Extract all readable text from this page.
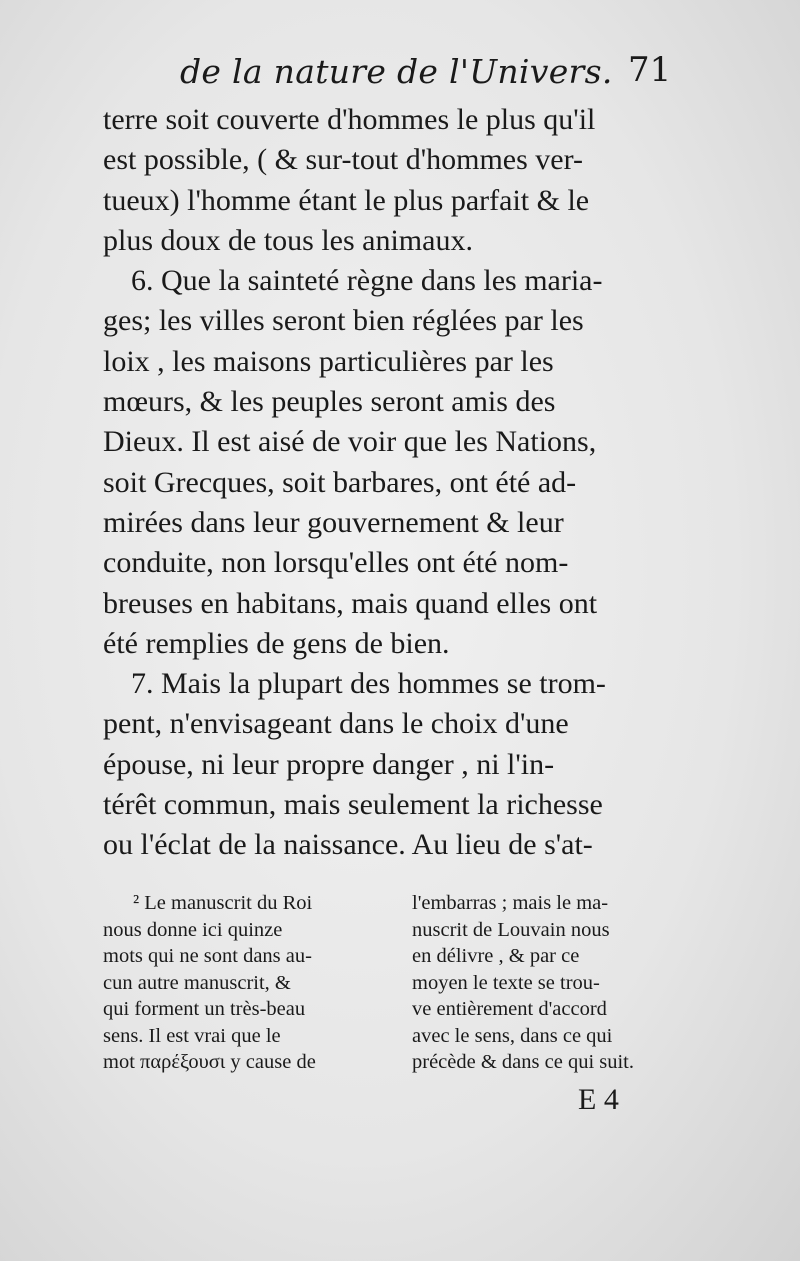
de la nature de l'Univers. 71
terre soit couverte d'hommes le plus qu'il
est possible, ( & sur-tout d'hommes ver-
tueux) l'homme étant le plus parfait & le
plus doux de tous les animaux.
6. Que la sainteté règne dans les maria-
ges; les villes seront bien réglées par les
loix , les maisons particulières par les
mœurs, & les peuples seront amis des
Dieux. Il est aisé de voir que les Nations,
soit Grecques, soit barbares, ont été ad-
mirées dans leur gouvernement & leur
conduite, non lorsqu'elles ont été nom-
breuses en habitans, mais quand elles ont
été remplies de gens de bien.
7. Mais la plupart des hommes se trom-
pent, n'envisageant dans le choix d'une
épouse, ni leur propre danger , ni l'in-
térêt commun, mais seulement la richesse
ou l'éclat de la naissance. Au lieu de s'at-
² Le manuscrit du Roi
nous donne ici quinze
mots qui ne sont dans au-
cun autre manuscrit, &
qui forment un très-beau
sens. Il est vrai que le
mot παρέξουσι y cause de
l'embarras ; mais le ma-
nuscrit de Louvain nous
en délivre , & par ce
moyen le texte se trou-
ve entièrement d'accord
avec le sens, dans ce qui
précède & dans ce qui suit.
E 4
